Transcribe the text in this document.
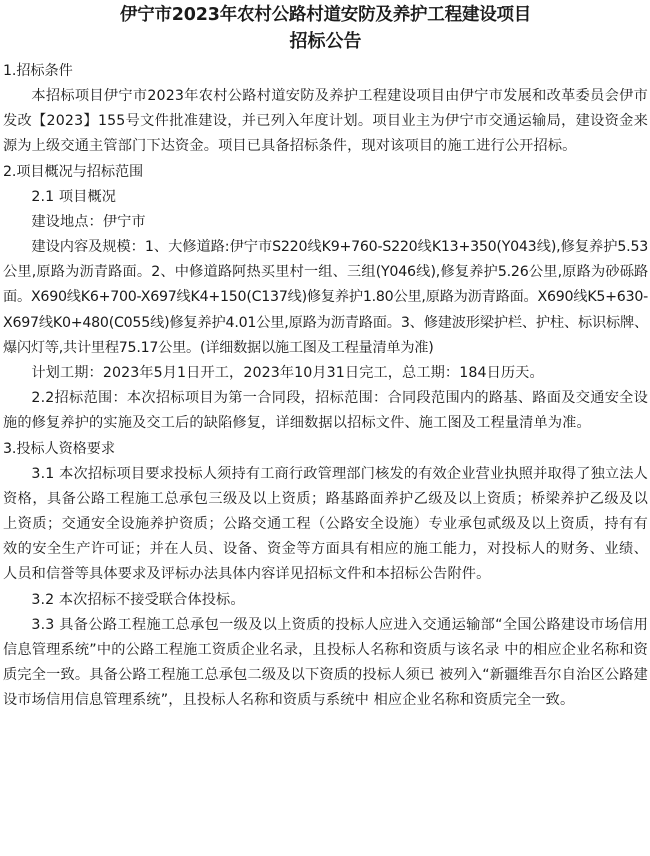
伊宁市2023年农村公路村道安防及养护工程建设项目
招标公告

1.招标条件

本招标项目伊宁市2023年农村公路村道安防及养护工程建设项目由伊宁市发展和改革委员会伊市发改【2023】155号文件批准建设，并已列入年度计划。项目业主为伊宁市交通运输局，建设资金来源为上级交通主管部门下达资金。项目已具备招标条件，现对该项目的施工进行公开招标。

2.项目概况与招标范围

2.1 项目概况

建设地点：伊宁市

建设内容及规模：1、大修道路:伊宁市S220线K9+760-S220线K13+350(Y043线),修复养护5.53公里,原路为沥青路面。2、中修道路阿热买里村一组、三组(Y046线),修复养护5.26公里,原路为砂砾路面。X690线K6+700-X697线K4+150(C137线)修复养护1.80公里,原路为沥青路面。X690线K5+630-X697线K0+480(C055线)修复养护4.01公里,原路为沥青路面。3、修建波形梁护栏、护柱、标识标牌、爆闪灯等,共计里程75.17公里。(详细数据以施工图及工程量清单为准)

计划工期：2023年5月1日开工，2023年10月31日完工，总工期：184日历天。

2.2招标范围：本次招标项目为第一合同段，招标范围：合同段范围内的路基、路面及交通安全设施的修复养护的实施及交工后的缺陷修复，详细数据以招标文件、施工图及工程量清单为准。

3.投标人资格要求

3.1 本次招标项目要求投标人须持有工商行政管理部门核发的有效企业营业执照并取得了独立法人资格，具备公路工程施工总承包三级及以上资质；路基路面养护乙级及以上资质；桥梁养护乙级及以上资质；交通安全设施养护资质；公路交通工程（公路安全设施）专业承包贰级及以上资质，持有有效的安全生产许可证；并在人员、设备、资金等方面具有相应的施工能力，对投标人的财务、业绩、人员和信誉等具体要求及评标办法具体内容详见招标文件和本招标公告附件。

3.2 本次招标不接受联合体投标。

3.3 具备公路工程施工总承包一级及以上资质的投标人应进入交通运输部“全国公路建设市场信用信息管理系统”中的公路工程施工资质企业名录，且投标人名称和资质与该名录 中的相应企业名称和资质完全一致。具备公路工程施工总承包二级及以下资质的投标人须已 被列入“新疆维吾尔自治区公路建设市场信用信息管理系统”，且投标人名称和资质与系统中 相应企业名称和资质完全一致。
